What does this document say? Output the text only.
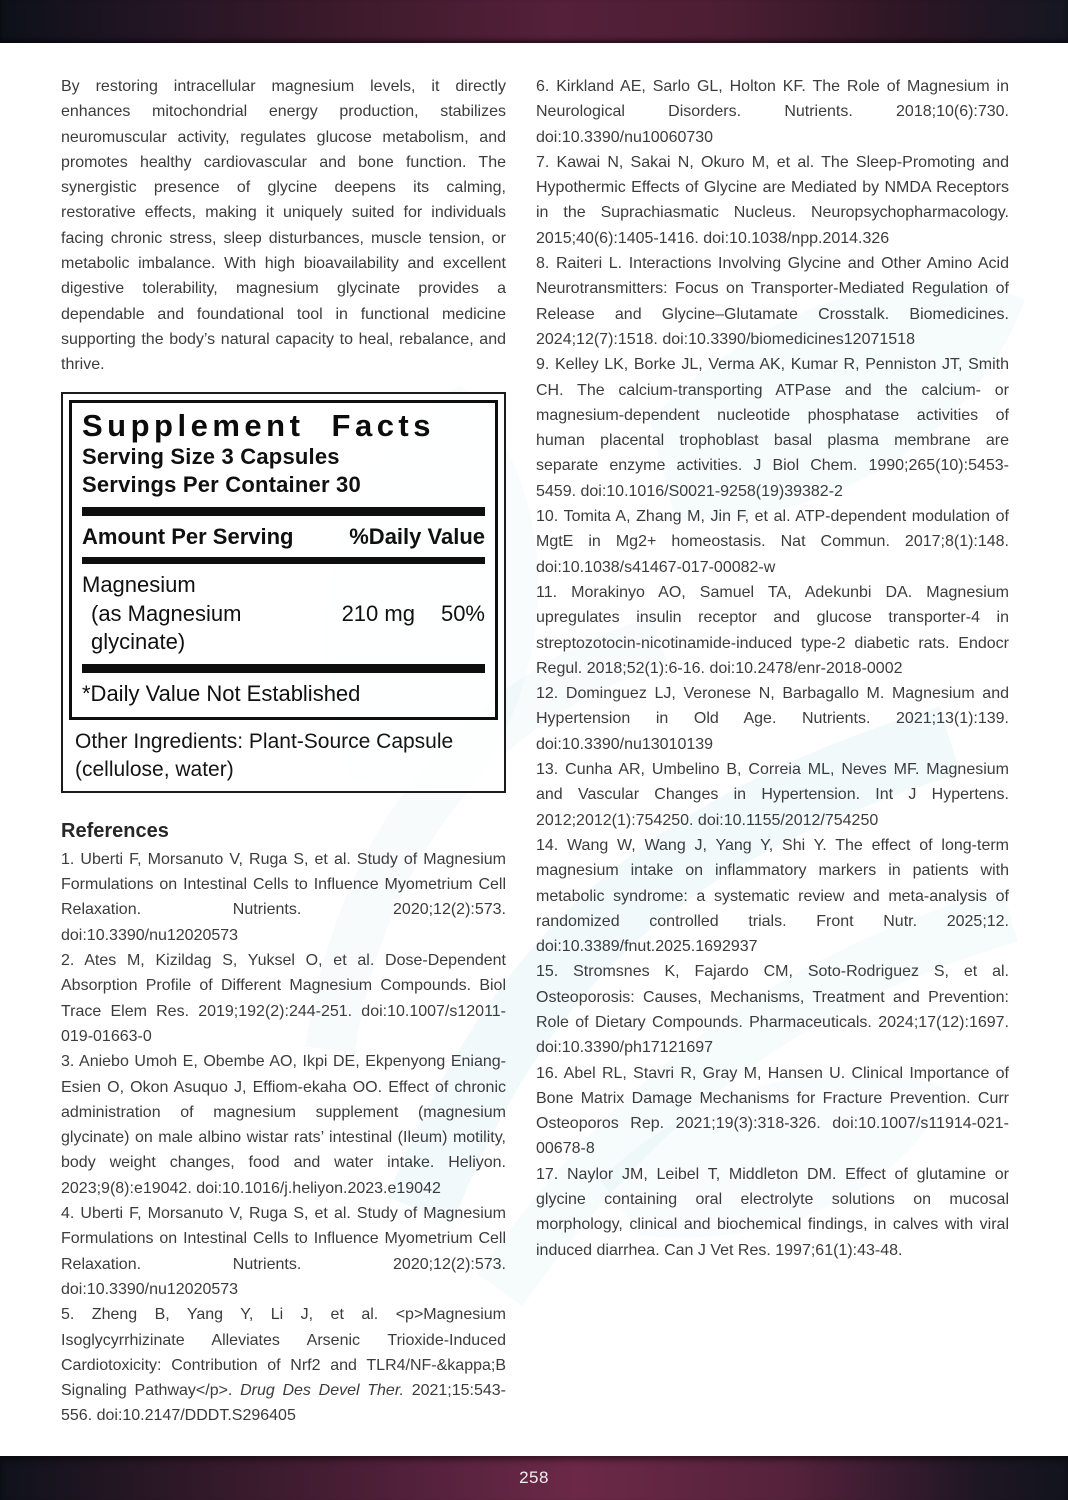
By restoring intracellular magnesium levels, it directly enhances mitochondrial energy production, stabilizes neuromuscular activity, regulates glucose metabolism, and promotes healthy cardiovascular and bone function. The synergistic presence of glycine deepens its calming, restorative effects, making it uniquely suited for individuals facing chronic stress, sleep disturbances, muscle tension, or metabolic imbalance. With high bioavailability and excellent digestive tolerability, magnesium glycinate provides a dependable and foundational tool in functional medicine supporting the body’s natural capacity to heal, rebalance, and thrive.

Supplement Facts
Serving Size 3 Capsules
Servings Per Container 30
Amount Per Serving	%Daily Value
Magnesium
(as Magnesium glycinate)
210 mg 50%
*Daily Value Not Established
Other Ingredients: Plant-Source Capsule
(cellulose, water)
References
1. Uberti F, Morsanuto V, Ruga S, et al. Study of Magnesium Formulations on Intestinal Cells to Influence Myometrium Cell Relaxation. Nutrients. 2020;12(2):573. doi:10.3390/nu12020573
2. Ates M, Kizildag S, Yuksel O, et al. Dose-Dependent Absorption Profile of Different Magnesium Compounds. Biol Trace Elem Res. 2019;192(2):244-251. doi:10.1007/s12011-019-01663-0
3. Aniebo Umoh E, Obembe AO, Ikpi DE, Ekpenyong Eniang-Esien O, Okon Asuquo J, Effiom-ekaha OO. Effect of chronic administration of magnesium supplement (magnesium glycinate) on male albino wistar rats’ intestinal (Ileum) motility, body weight changes, food and water intake. Heliyon. 2023;9(8):e19042. doi:10.1016/j.heliyon.2023.e19042
4. Uberti F, Morsanuto V, Ruga S, et al. Study of Magnesium Formulations on Intestinal Cells to Influence Myometrium Cell Relaxation. Nutrients. 2020;12(2):573. doi:10.3390/nu12020573
5. Zheng B, Yang Y, Li J, et al. <p>Magnesium Isoglycyrrhizinate Alleviates Arsenic Trioxide-Induced Cardiotoxicity: Contribution of Nrf2 and TLR4/NF-&kappa;B Signaling Pathway</p>. Drug Des Devel Ther. 2021;15:543-556. doi:10.2147/DDDT.S296405
6. Kirkland AE, Sarlo GL, Holton KF. The Role of Magnesium in Neurological Disorders. Nutrients. 2018;10(6):730. doi:10.3390/nu10060730
7. Kawai N, Sakai N, Okuro M, et al. The Sleep-Promoting and Hypothermic Effects of Glycine are Mediated by NMDA Receptors in the Suprachiasmatic Nucleus. Neuropsychopharmacology. 2015;40(6):1405-1416. doi:10.1038/npp.2014.326
8. Raiteri L. Interactions Involving Glycine and Other Amino Acid Neurotransmitters: Focus on Transporter-Mediated Regulation of Release and Glycine–Glutamate Crosstalk. Biomedicines. 2024;12(7):1518. doi:10.3390/biomedicines12071518
9. Kelley LK, Borke JL, Verma AK, Kumar R, Penniston JT, Smith CH. The calcium-transporting ATPase and the calcium- or magnesium-dependent nucleotide phosphatase activities of human placental trophoblast basal plasma membrane are separate enzyme activities. J Biol Chem. 1990;265(10):5453-5459. doi:10.1016/S0021-9258(19)39382-2
10. Tomita A, Zhang M, Jin F, et al. ATP-dependent modulation of MgtE in Mg2+ homeostasis. Nat Commun. 2017;8(1):148. doi:10.1038/s41467-017-00082-w
11. Morakinyo AO, Samuel TA, Adekunbi DA. Magnesium upregulates insulin receptor and glucose transporter-4 in streptozotocin-nicotinamide-induced type-2 diabetic rats. Endocr Regul. 2018;52(1):6-16. doi:10.2478/enr-2018-0002
12. Dominguez LJ, Veronese N, Barbagallo M. Magnesium and Hypertension in Old Age. Nutrients. 2021;13(1):139. doi:10.3390/nu13010139
13. Cunha AR, Umbelino B, Correia ML, Neves MF. Magnesium and Vascular Changes in Hypertension. Int J Hypertens. 2012;2012(1):754250. doi:10.1155/2012/754250
14. Wang W, Wang J, Yang Y, Shi Y. The effect of long-term magnesium intake on inflammatory markers in patients with metabolic syndrome: a systematic review and meta-analysis of randomized controlled trials. Front Nutr. 2025;12. doi:10.3389/fnut.2025.1692937
15. Stromsnes K, Fajardo CM, Soto-Rodriguez S, et al. Osteoporosis: Causes, Mechanisms, Treatment and Prevention: Role of Dietary Compounds. Pharmaceuticals. 2024;17(12):1697. doi:10.3390/ph17121697
16. Abel RL, Stavri R, Gray M, Hansen U. Clinical Importance of Bone Matrix Damage Mechanisms for Fracture Prevention. Curr Osteoporos Rep. 2021;19(3):318-326. doi:10.1007/s11914-021-00678-8
17. Naylor JM, Leibel T, Middleton DM. Effect of glutamine or glycine containing oral electrolyte solutions on mucosal morphology, clinical and biochemical findings, in calves with viral induced diarrhea. Can J Vet Res. 1997;61(1):43-48.
258
